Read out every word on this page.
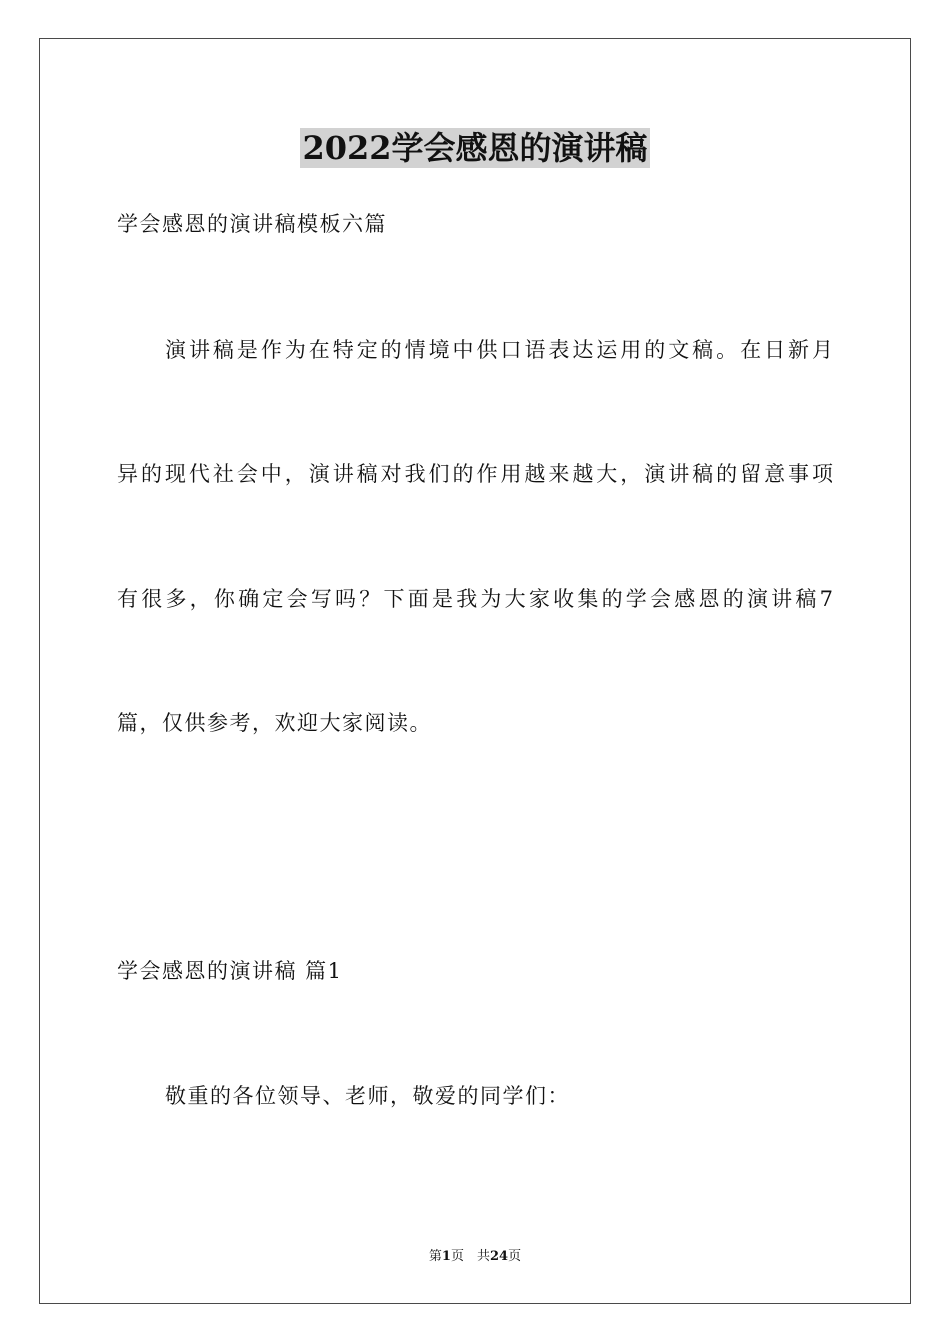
2022学会感恩的演讲稿
学会感恩的演讲稿模板六篇
演讲稿是作为在特定的情境中供口语表达运用的文稿。在日新月
异的现代社会中，演讲稿对我们的作用越来越大，演讲稿的留意事项
有很多，你确定会写吗？下面是我为大家收集的学会感恩的演讲稿7
篇，仅供参考，欢迎大家阅读。
学会感恩的演讲稿 篇1
敬重的各位领导、老师，敬爱的同学们：
第1页　共24页
